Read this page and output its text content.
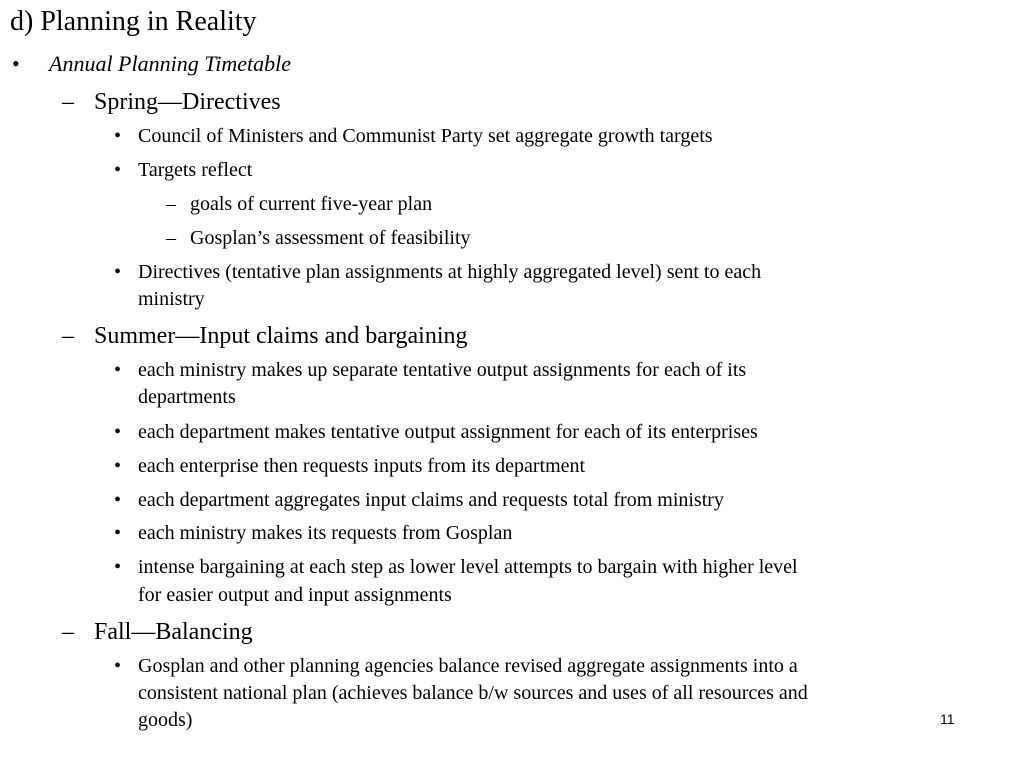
d) Planning in Reality
• Annual Planning Timetable
– Spring—Directives
• Council of Ministers and Communist Party set aggregate growth targets
• Targets reflect
– goals of current five-year plan
– Gosplan’s assessment of feasibility
• Directives (tentative plan assignments at highly aggregated level) sent to each
ministry
– Summer—Input claims and bargaining
• each ministry makes up separate tentative output assignments for each of its
departments
• each department makes tentative output assignment for each of its enterprises
• each enterprise then requests inputs from its department
• each department aggregates input claims and requests total from ministry
• each ministry makes its requests from Gosplan
• intense bargaining at each step as lower level attempts to bargain with higher level
for easier output and input assignments
– Fall—Balancing
• Gosplan and other planning agencies balance revised aggregate assignments into a
consistent national plan (achieves balance b/w sources and uses of all resources and
goods)	11
